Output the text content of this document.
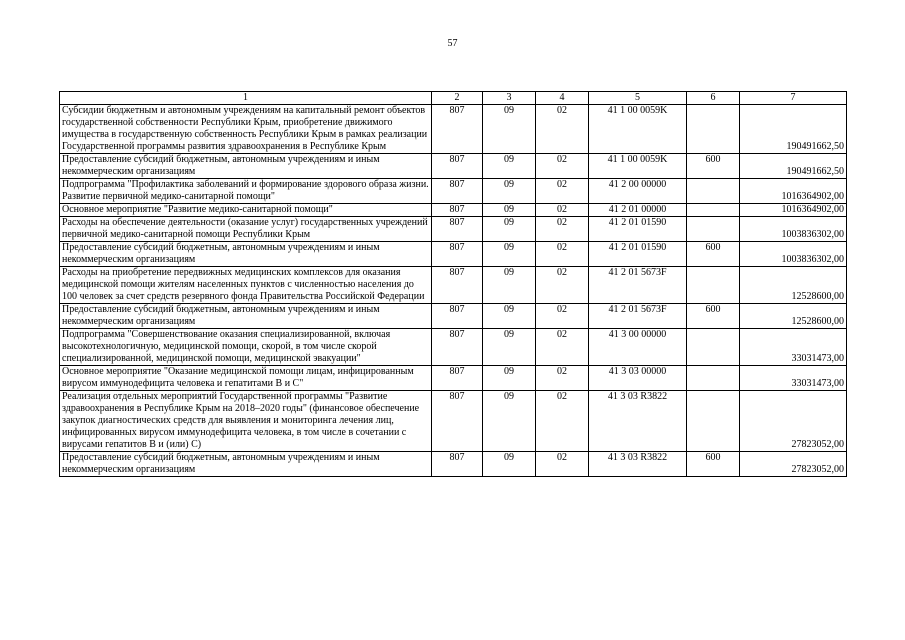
57
1	2	3	4	5	6	7
Субсидии бюджетным и автономным учреждениям на капитальный ремонт объектов государственной собственности Республики Крым, приобретение движимого имущества в государственную собственность Республики Крым в рамках реализации Государственной программы развития здравоохранения в Республике Крым	807	09	02	41 1 00 0059K		190491662,50
Предоставление субсидий бюджетным, автономным учреждениям и иным некоммерческим организациям	807	09	02	41 1 00 0059K	600	190491662,50
Подпрограмма "Профилактика заболеваний и формирование здорового образа жизни. Развитие первичной медико-санитарной помощи"	807	09	02	41 2 00 00000		1016364902,00
Основное мероприятие "Развитие медико-санитарной помощи"	807	09	02	41 2 01 00000		1016364902,00
Расходы на обеспечение деятельности (оказание услуг) государственных учреждений первичной медико-санитарной помощи Республики Крым	807	09	02	41 2 01 01590		1003836302,00
Предоставление субсидий бюджетным, автономным учреждениям и иным некоммерческим организациям	807	09	02	41 2 01 01590	600	1003836302,00
Расходы на приобретение передвижных медицинских комплексов для оказания медицинской помощи жителям населенных пунктов с численностью населения до 100 человек за счет средств резервного фонда Правительства Российской Федерации	807	09	02	41 2 01 5673F		12528600,00
Предоставление субсидий бюджетным, автономным учреждениям и иным некоммерческим организациям	807	09	02	41 2 01 5673F	600	12528600,00
Подпрограмма "Совершенствование оказания специализированной, включая высокотехнологичную, медицинской помощи, скорой, в том числе скорой специализированной, медицинской помощи, медицинской эвакуации"	807	09	02	41 3 00 00000		33031473,00
Основное мероприятие "Оказание медицинской помощи лицам, инфицированным вирусом иммунодефицита человека и гепатитами В и С"	807	09	02	41 3 03 00000		33031473,00
Реализация отдельных мероприятий Государственной программы "Развитие здравоохранения в Республике Крым на 2018–2020 годы" (финансовое обеспечение закупок диагностических средств для выявления и мониторинга лечения лиц, инфицированных вирусом иммунодефицита человека, в том числе в сочетании с вирусами гепатитов В и (или) С)	807	09	02	41 3 03 R3822		27823052,00
Предоставление субсидий бюджетным, автономным учреждениям и иным некоммерческим организациям	807	09	02	41 3 03 R3822	600	27823052,00
